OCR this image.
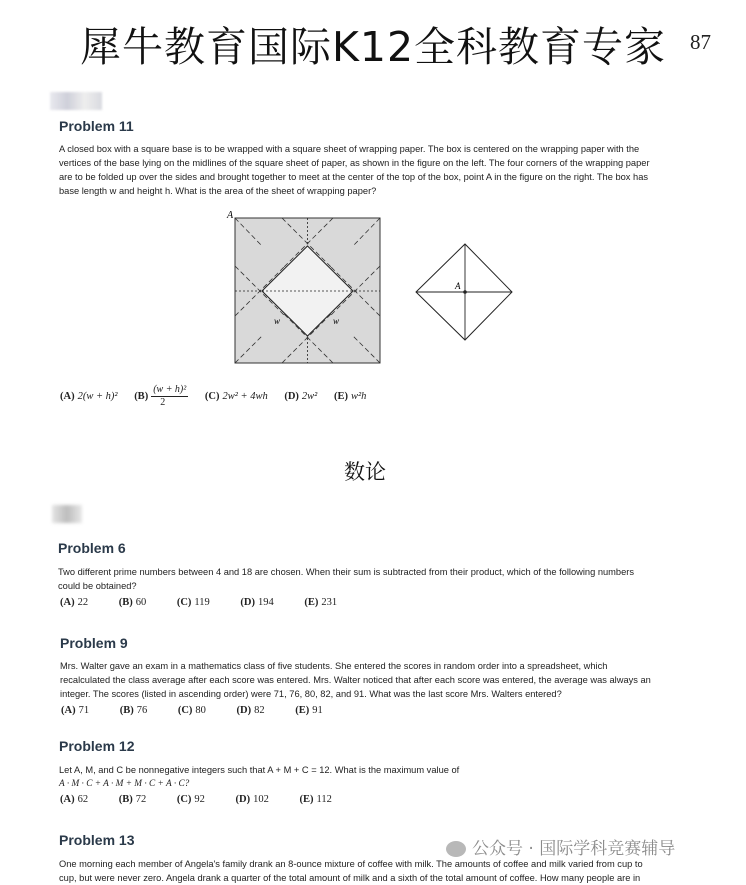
犀牛教育国际K12全科教育专家 87
Problem 11
A closed box with a square base is to be wrapped with a square sheet of wrapping paper. The box is centered on the wrapping paper with the
vertices of the base lying on the midlines of the square sheet of paper, as shown in the figure on the left. The four corners of the wrapping paper
are to be folded up over the sides and brought together to meet at the center of the top of the box, point A in the figure on the right. The box has
base length w and height h. What is the area of the sheet of wrapping paper?
A
w	w
A
(A) 2(w + h)² $(B) \frac{\text{(w + h)²}}{2} (C) 2w^2 + 4wh$ (D) 2w² (E) w²h
数论
Problem 6
Two different prime numbers between 4 and 18 are chosen. When their sum is subtracted from their product, which of the following numbers
could be obtained?
(A) 22	(B) 60	(C) 119	(D) 194	(E) 231
Problem 9
Mrs. Walter gave an exam in a mathematics class of five students. She entered the scores in random order into a spreadsheet, which
recalculated the class average after each score was entered. Mrs. Walter noticed that after each score was entered, the average was always an
integer. The scores (listed in ascending order) were 71, 76, 80, 82, and 91. What was the last score Mrs. Walters entered?
(A) 71	(B) 76	(C) 80	(D) 82	(E) 91
Problem 12
Let A, M, and C be nonnegative integers such that A + M + C = 12. What is the maximum value of
A · M · C + A · M + M · C + A · C?
(A) 62	(B) 72	(C) 92	(D) 102	(E) 112
Problem 13
One morning each member of Angela's family drank an 8-ounce mixture of coffee with milk. The amounts of coffee and milk varied from cup to
cup, but were never zero. Angela drank a quarter of the total amount of milk and a sixth of the total amount of coffee. How many people are in
公众号 · 国际学科竞赛辅导
